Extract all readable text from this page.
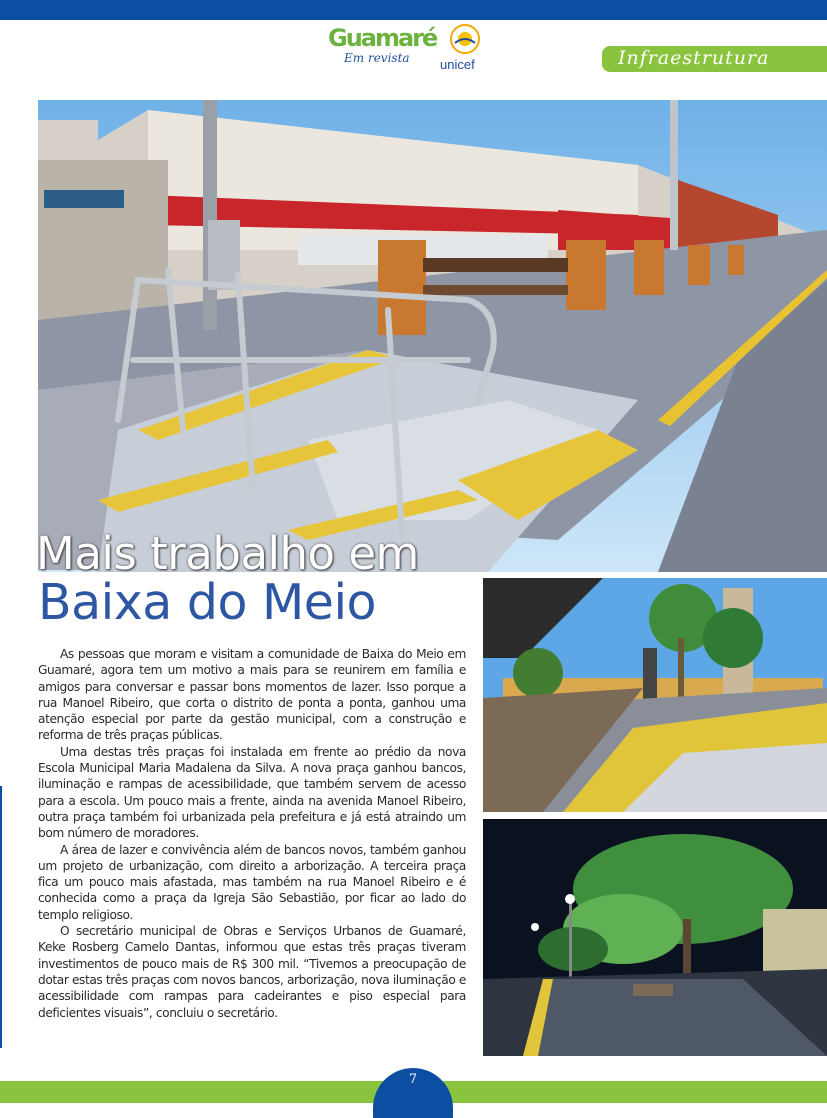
Guamaré
Em revista unicef	Infraestrutura
Mais trabalho em
Baixa do Meio

As pessoas que moram e visitam a comunidade de Baixa do Meio em Guamaré, agora tem um motivo a mais para se reunirem em família e amigos para conversar e passar bons momentos de lazer. Isso porque a rua Manoel Ribeiro, que corta o distrito de ponta a ponta, ganhou uma atenção especial por parte da gestão municipal, com a construção e reforma de três praças públicas.

Uma destas três praças foi instalada em frente ao prédio da nova Escola Municipal Maria Madalena da Silva. A nova praça ganhou bancos, iluminação e rampas de acessibilidade, que também servem de acesso para a escola. Um pouco mais a frente, ainda na avenida Manoel Ribeiro, outra praça também foi urbanizada pela prefeitura e já está atraindo um bom número de moradores.

A área de lazer e convivência além de bancos novos, também ganhou um projeto de urbanização, com direito a arborização. A terceira praça fica um pouco mais afastada, mas também na rua Manoel Ribeiro e é conhecida como a praça da Igreja São Sebastião, por ficar ao lado do templo religioso.

O secretário municipal de Obras e Serviços Urbanos de Guamaré, Keke Rosberg Camelo Dantas, informou que estas três praças tiveram investimentos de pouco mais de R$ 300 mil. “Tivemos a preocupação de dotar estas três praças com novos bancos, arborização, nova iluminação e acessibilidade com rampas para cadeirantes e piso especial para deficientes visuais”, concluiu o secretário.

7
